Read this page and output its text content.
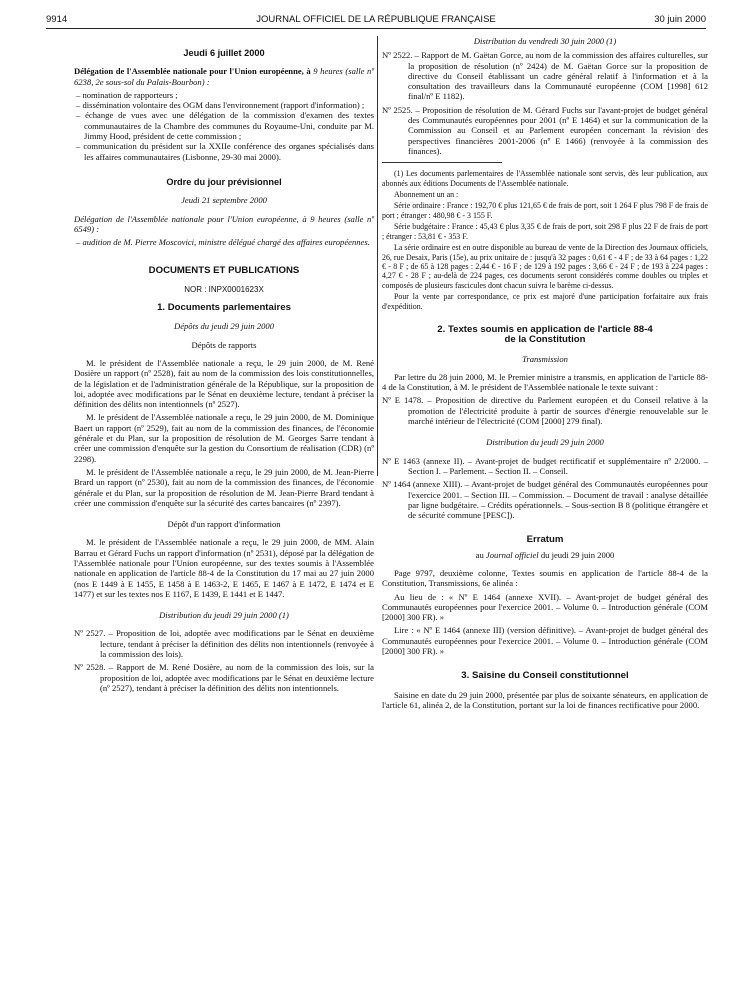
9914	JOURNAL OFFICIEL DE LA RÉPUBLIQUE FRANÇAISE	30 juin 2000
Jeudi 6 juillet 2000

Délégation de l'Assemblée nationale pour l'Union européenne, à 9 heures (salle nº 6238, 2e sous-sol du Palais-Bourbon) :

– nomination de rapporteurs ;
– dissémination volontaire des OGM dans l'environnement (rapport d'information) ;
– échange de vues avec une délégation de la commission d'examen des textes communautaires de la Chambre des communes du Royaume-Uni, conduite par M. Jimmy Hood, président de cette commission ;
– communication du président sur la XXIIe conférence des organes spécialisés dans les affaires communautaires (Lisbonne, 29-30 mai 2000).
Ordre du jour prévisionnel
Jeudi 21 septembre 2000

Délégation de l'Assemblée nationale pour l'Union européenne, à 9 heures (salle nº 6549) :

– audition de M. Pierre Moscovici, ministre délégué chargé des affaires européennes.
DOCUMENTS ET PUBLICATIONS
NOR : INPX0001623X
1. Documents parlementaires
Dépôts du jeudi 29 juin 2000
Dépôts de rapports

M. le président de l'Assemblée nationale a reçu, le 29 juin 2000, de M. René Dosière un rapport (nº 2528), fait au nom de la commission des lois constitutionnelles, de la législation et de l'administration générale de la République, sur la proposition de loi, adoptée avec modifications par le Sénat en deuxième lecture, tendant à préciser la définition des délits non intentionnels (nº 2527).

M. le président de l'Assemblée nationale a reçu, le 29 juin 2000, de M. Dominique Baert un rapport (nº 2529), fait au nom de la commission des finances, de l'économie générale et du Plan, sur la proposition de résolution de M. Georges Sarre tendant à créer une commission d'enquête sur la gestion du Consortium de réalisation (CDR) (nº 2298).

M. le président de l'Assemblée nationale a reçu, le 29 juin 2000, de M. Jean-Pierre Brard un rapport (nº 2530), fait au nom de la commission des finances, de l'économie générale et du Plan, sur la proposition de résolution de M. Jean-Pierre Brard tendant à créer une commission d'enquête sur la sécurité des cartes bancaires (nº 2397).

Dépôt d'un rapport d'information

M. le président de l'Assemblée nationale a reçu, le 29 juin 2000, de MM. Alain Barrau et Gérard Fuchs un rapport d'information (nº 2531), déposé par la délégation de l'Assemblée nationale pour l'Union européenne, sur des textes soumis à l'Assemblée nationale en application de l'article 88-4 de la Constitution du 17 mai au 27 juin 2000 (nos E 1449 à E 1455, E 1458 à E 1463-2, E 1465, E 1467 à E 1472, E 1474 et E 1477) et sur les textes nos E 1167, E 1439, E 1441 et E 1447.

Distribution du jeudi 29 juin 2000 (1)

Nº 2527. – Proposition de loi, adoptée avec modifications par le Sénat en deuxième lecture, tendant à préciser la définition des délits non intentionnels (renvoyée à la commission des lois).

Nº 2528. – Rapport de M. René Dosière, au nom de la commission des lois, sur la proposition de loi, adoptée avec modifications par le Sénat en deuxième lecture (nº 2527), tendant à préciser la définition des délits non intentionnels.

Distribution du vendredi 30 juin 2000 (1)

Nº 2522. – Rapport de M. Gaëtan Gorce, au nom de la commission des affaires culturelles, sur la proposition de résolution (nº 2424) de M. Gaëtan Gorce sur la proposition de directive du Conseil établissant un cadre général relatif à l'information et à la consultation des travailleurs dans la Communauté européenne (COM [1998] 612 final/nº E 1182).

Nº 2525. – Proposition de résolution de M. Gérard Fuchs sur l'avant-projet de budget général des Communautés européennes pour 2001 (nº E 1464) et sur la communication de la Commission au Conseil et au Parlement européen concernant la révision des perspectives financières 2001-2006 (nº E 1466) (renvoyée à la commission des finances).

(1) Les documents parlementaires de l'Assemblée nationale sont servis, dès leur publication, aux abonnés aux éditions Documents de l'Assemblée nationale.

Abonnement un an :

Série ordinaire : France : 192,70 € plus 121,65 € de frais de port, soit 1 264 F plus 798 F de frais de port ; étranger : 480,98 € - 3 155 F.

Série budgétaire : France : 45,43 € plus 3,35 € de frais de port, soit 298 F plus 22 F de frais de port ; étranger : 53,81 € - 353 F.

La série ordinaire est en outre disponible au bureau de vente de la Direction des Journaux officiels, 26, rue Desaix, Paris (15e), au prix unitaire de : jusqu'à 32 pages : 0,61 € - 4 F ; de 33 à 64 pages : 1,22 € - 8 F ; de 65 à 128 pages : 2,44 € - 16 F ; de 129 à 192 pages : 3,66 € - 24 F ; de 193 à 224 pages : 4,27 € - 28 F ; au-delà de 224 pages, ces documents seront considérés comme doubles ou triples et composés de plusieurs fascicules dont chacun suivra le barème ci-dessus.

Pour la vente par correspondance, ce prix est majoré d'une participation forfaitaire aux frais d'expédition.

2. Textes soumis en application de l'article 88-4
de la Constitution
Transmission

Par lettre du 28 juin 2000, M. le Premier ministre a transmis, en application de l'article 88-4 de la Constitution, à M. le président de l'Assemblée nationale le texte suivant :

Nº E 1478. – Proposition de directive du Parlement européen et du Conseil relative à la promotion de l'électricité produite à partir de sources d'énergie renouvelable sur le marché intérieur de l'électricité (COM [2000] 279 final).

Distribution du jeudi 29 juin 2000

Nº E 1463 (annexe II). – Avant-projet de budget rectificatif et supplémentaire nº 2/2000. – Section I. – Parlement. – Section II. – Conseil.

Nº 1464 (annexe XIII). – Avant-projet de budget général des Communautés européennes pour l'exercice 2001. – Section III. – Commission. – Document de travail : analyse détaillée par ligne budgétaire. – Crédits opérationnels. – Sous-section B 8 (politique étrangère et de sécurité commune [PESC]).

Erratum
au Journal officiel du jeudi 29 juin 2000

Page 9797, deuxième colonne, Textes soumis en application de l'article 88-4 de la Constitution, Transmissions, 6e alinéa :

Au lieu de : « Nº E 1464 (annexe XVII). – Avant-projet de budget général des Communautés européennes pour l'exercice 2001. – Volume 0. – Introduction générale (COM [2000] 300 FR). »

Lire : « Nº E 1464 (annexe III) (version définitive). – Avant-projet de budget général des Communautés européennes pour l'exercice 2001. – Volume 0. – Introduction générale (COM [2000] 300 FR). »

3. Saisine du Conseil constitutionnel

Saisine en date du 29 juin 2000, présentée par plus de soixante sénateurs, en application de l'article 61, alinéa 2, de la Constitution, portant sur la loi de finances rectificative pour 2000.
